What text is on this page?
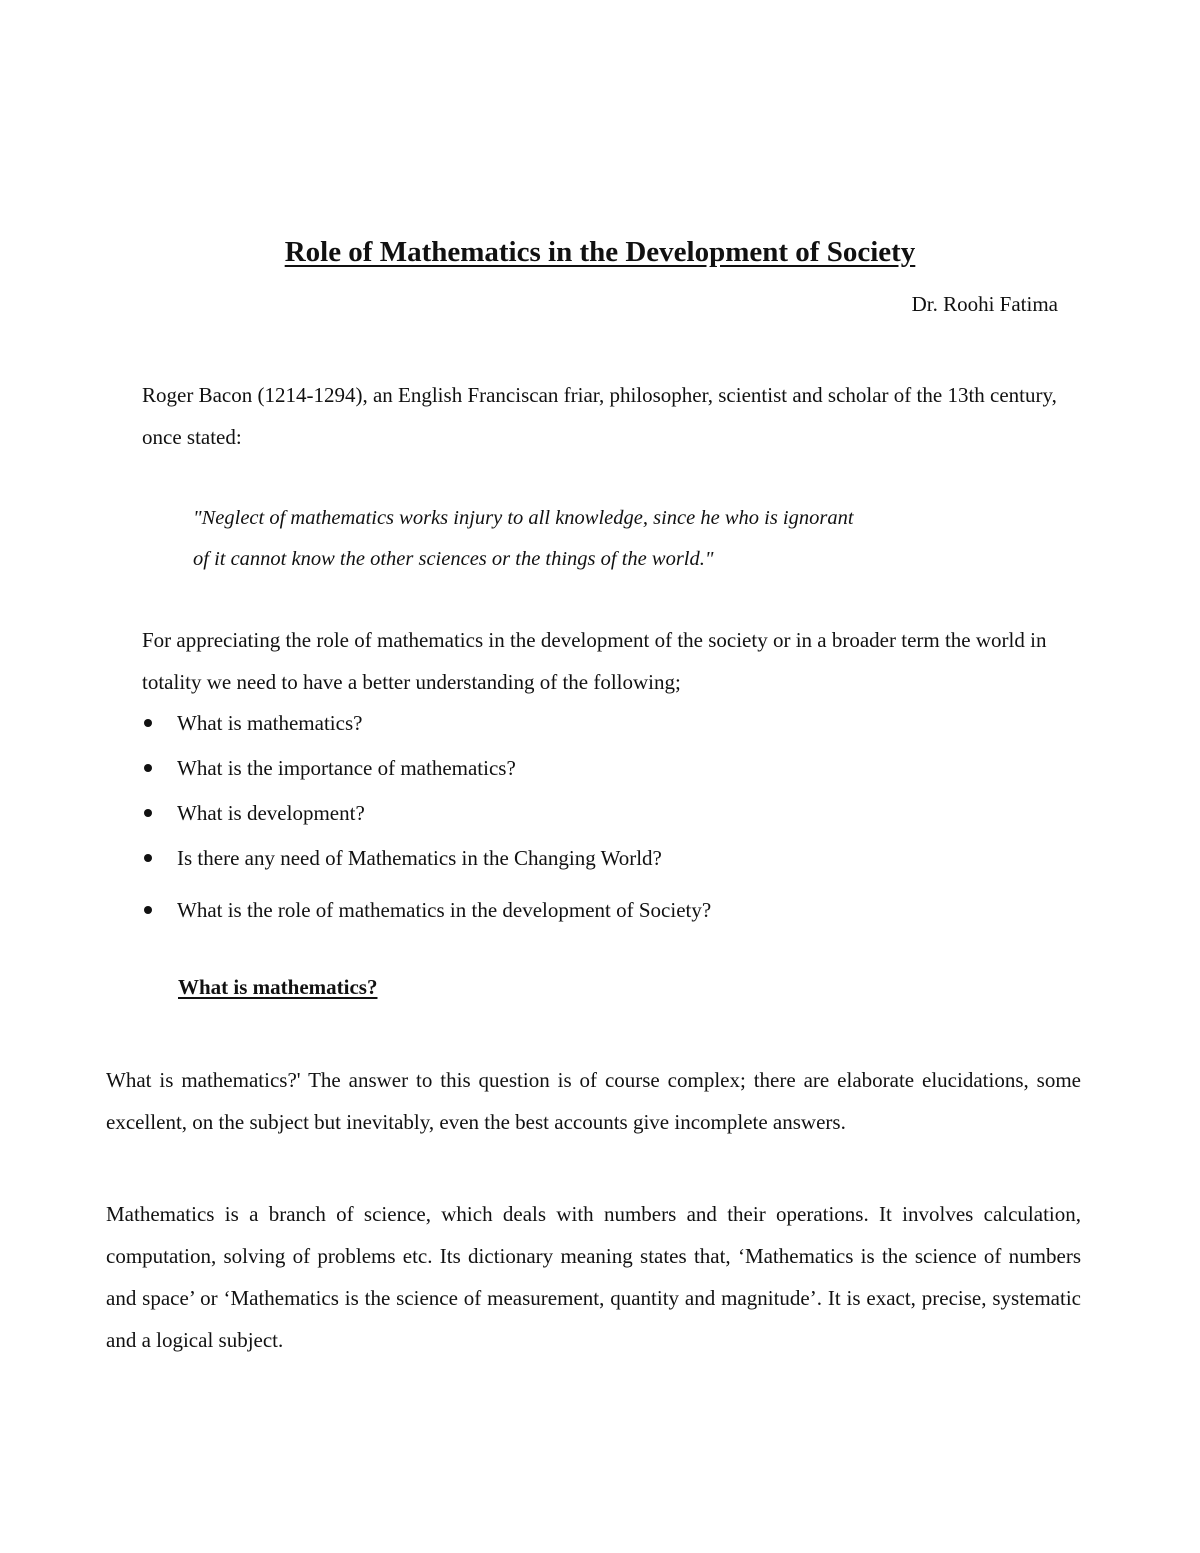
Role of Mathematics in the Development of Society

Dr. Roohi Fatima

Roger Bacon (1214-1294), an English Franciscan friar, philosopher, scientist and scholar of the 13th century, once stated:

"Neglect of mathematics works injury to all knowledge, since he who is ignorant
of it cannot know the other sciences or the things of the world."

For appreciating the role of mathematics in the development of the society or in a broader term the world in totality we need to have a better understanding of the following;

What is mathematics?
What is the importance of mathematics?
What is development?
Is there any need of Mathematics in the Changing World?
What is the role of mathematics in the development of Society?
What is mathematics?

What is mathematics?' The answer to this question is of course complex; there are elaborate elucidations, some excellent, on the subject but inevitably, even the best accounts give incomplete answers.

Mathematics is a branch of science, which deals with numbers and their operations. It involves calculation, computation, solving of problems etc. Its dictionary meaning states that, ‘Mathematics is the science of numbers and space’ or ‘Mathematics is the science of measurement, quantity and magnitude’. It is exact, precise, systematic and a logical subject.
